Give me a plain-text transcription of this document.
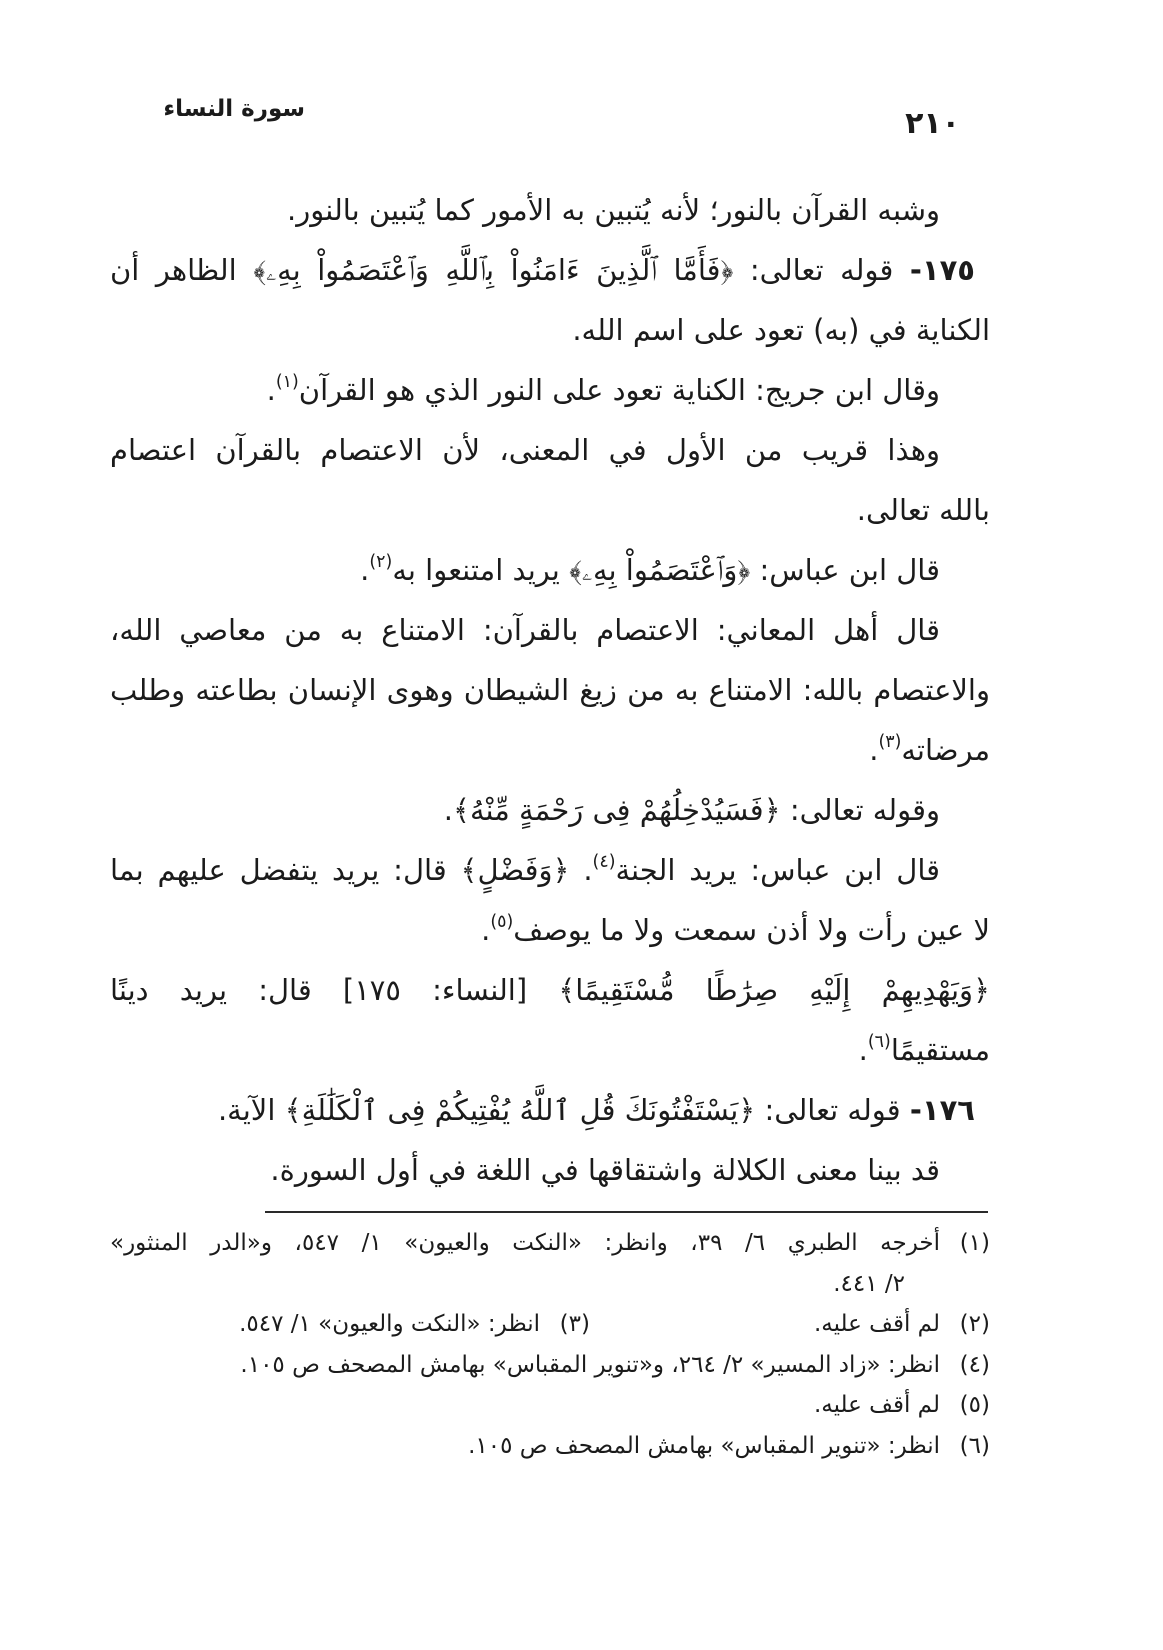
سورة النساء	٢١٠
وشبه القرآن بالنور؛ لأنه يُتبين به الأمور كما يُتبين بالنور.
١٧٥- قوله تعالى: ﴿فَأَمَّا ٱلَّذِينَ ءَامَنُواْ بِٱللَّهِ وَٱعْتَصَمُواْ بِهِۦ﴾ الظاهر أن
الكناية في (به) تعود على اسم الله.
وقال ابن جريج: الكناية تعود على النور الذي هو القرآن$^{(١)}$.
وهذا قريب من الأول في المعنى، لأن الاعتصام بالقرآن اعتصام
بالله تعالى.
قال ابن عباس: ﴿وَٱعْتَصَمُواْ بِهِۦ﴾ يريد امتنعوا به$^{(٢)}$.
قال أهل المعاني: الاعتصام بالقرآن: الامتناع به من معاصي الله،
والاعتصام بالله: الامتناع به من زيغ الشيطان وهوى الإنسان بطاعته وطلب
مرضاته$^{(٣)}$.
وقوله تعالى: ﴿فَسَيُدْخِلُهُمْ فِى رَحْمَةٍ مِّنْهُ﴾.
قال ابن عباس: يريد الجنة$^{(٤)}$. ﴿وَفَضْلٍ﴾ قال: يريد يتفضل عليهم بما
لا عين رأت ولا أذن سمعت ولا ما يوصف$^{(٥)}$.
﴿وَيَهْدِيهِمْ إِلَيْهِ صِرَٰطًا مُّسْتَقِيمًا﴾ [النساء: ١٧٥] قال: يريد دينًا
مستقيمًا$^{(٦)}$.
١٧٦- قوله تعالى: ﴿يَسْتَفْتُونَكَ قُلِ ٱللَّهُ يُفْتِيكُمْ فِى ٱلْكَلَٰلَةِ﴾ الآية.
قد بينا معنى الكلالة واشتقاقها في اللغة في أول السورة.
(١)أخرجه الطبري ٦/ ٣٩، وانظر: «النكت والعيون» ١/ ٥٤٧، و«الدر المنثور»
٢/ ٤٤١.
(٢)لم أقف عليه.
(٣)انظر: «النكت والعيون» ١/ ٥٤٧.
(٤)انظر: «زاد المسير» ٢/ ٢٦٤، و«تنوير المقباس» بهامش المصحف ص ١٠٥.
(٥)لم أقف عليه.
(٦)انظر: «تنوير المقباس» بهامش المصحف ص ١٠٥.
